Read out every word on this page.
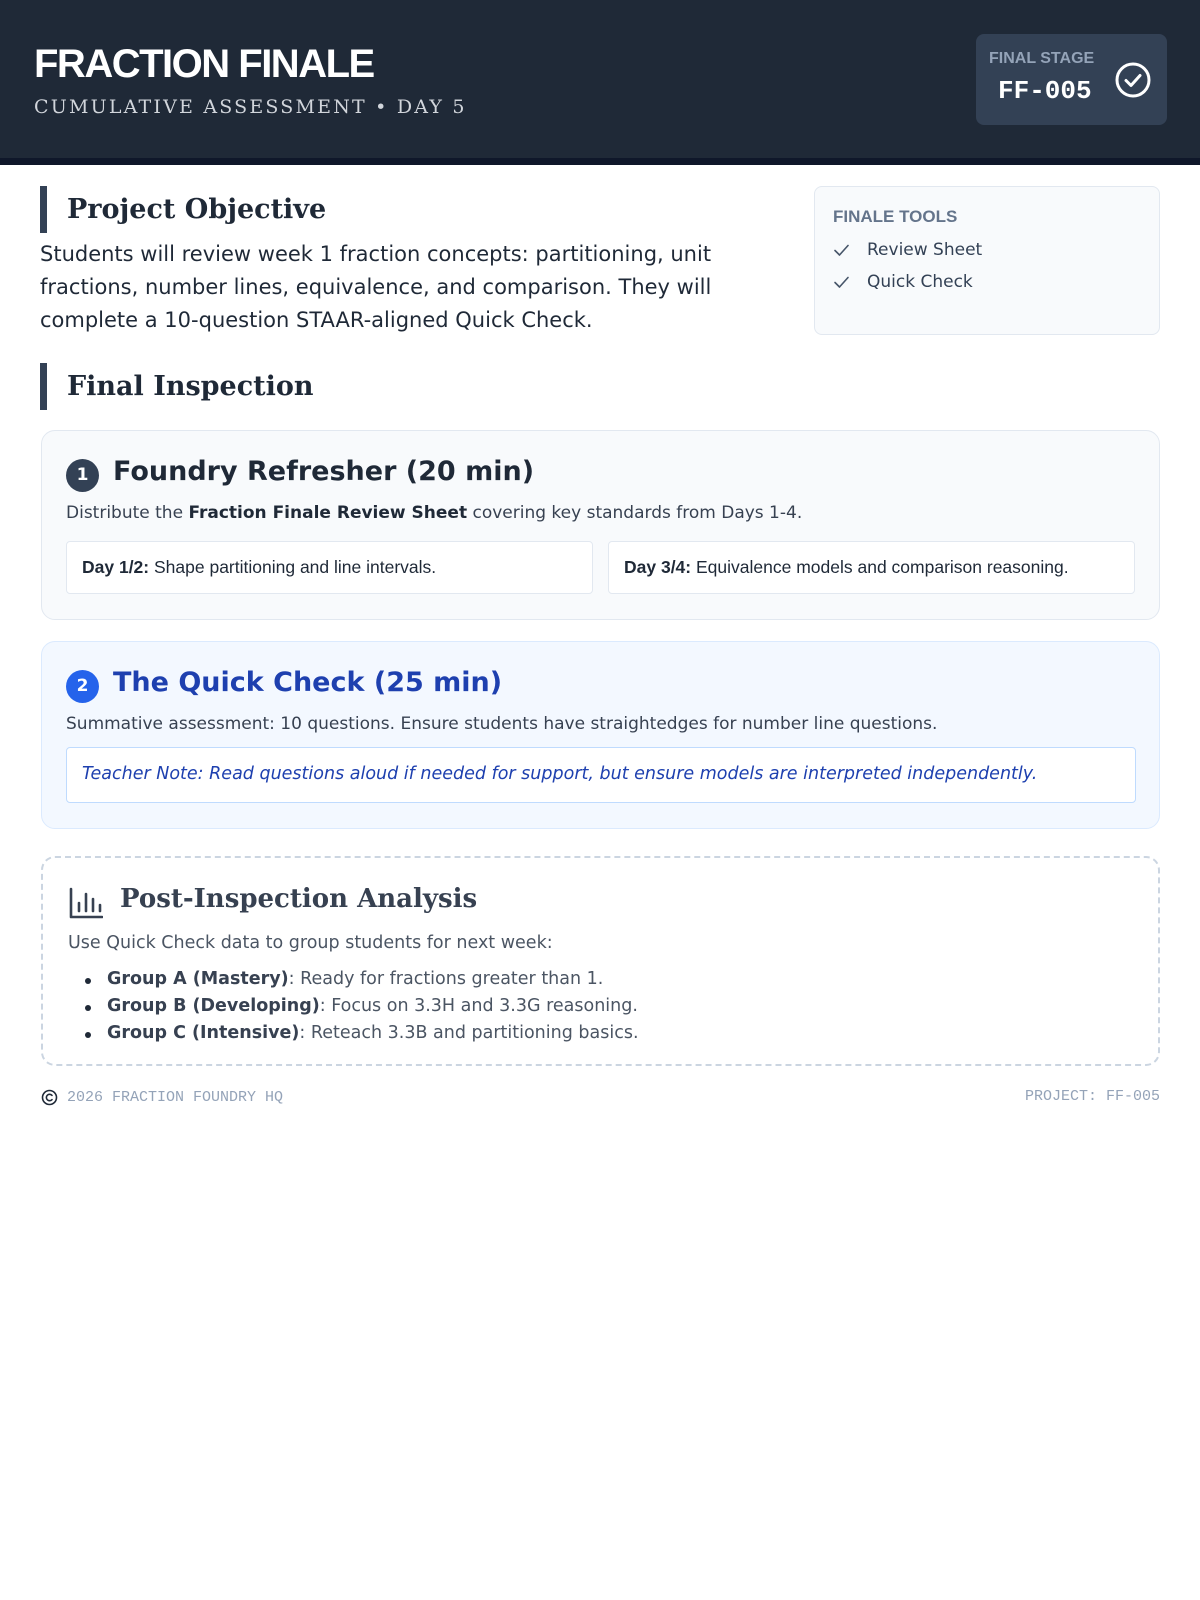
FRACTION FINALE
CUMULATIVE ASSESSMENT • DAY 5
FINAL STAGE
FF-005
Project Objective
Students will review week 1 fraction concepts: partitioning, unit fractions, number lines, equivalence, and comparison. They will complete a 10-question STAAR-aligned Quick Check.
FINALE TOOLS
Review Sheet
Quick Check
Final Inspection
1 Foundry Refresher (20 min)
Distribute the Fraction Finale Review Sheet covering key standards from Days 1-4.
Day 1/2: Shape partitioning and line intervals.	Day 3/4: Equivalence models and comparison reasoning.
2 The Quick Check (25 min)
Summative assessment: 10 questions. Ensure students have straightedges for number line questions.
Teacher Note: Read questions aloud if needed for support, but ensure models are interpreted independently.
Post-Inspection Analysis
Use Quick Check data to group students for next week:
Group A (Mastery): Ready for fractions greater than 1.
Group B (Developing): Focus on 3.3H and 3.3G reasoning.
Group C (Intensive): Reteach 3.3B and partitioning basics.
2026 FRACTION FOUNDRY HQ	PROJECT: FF-005
